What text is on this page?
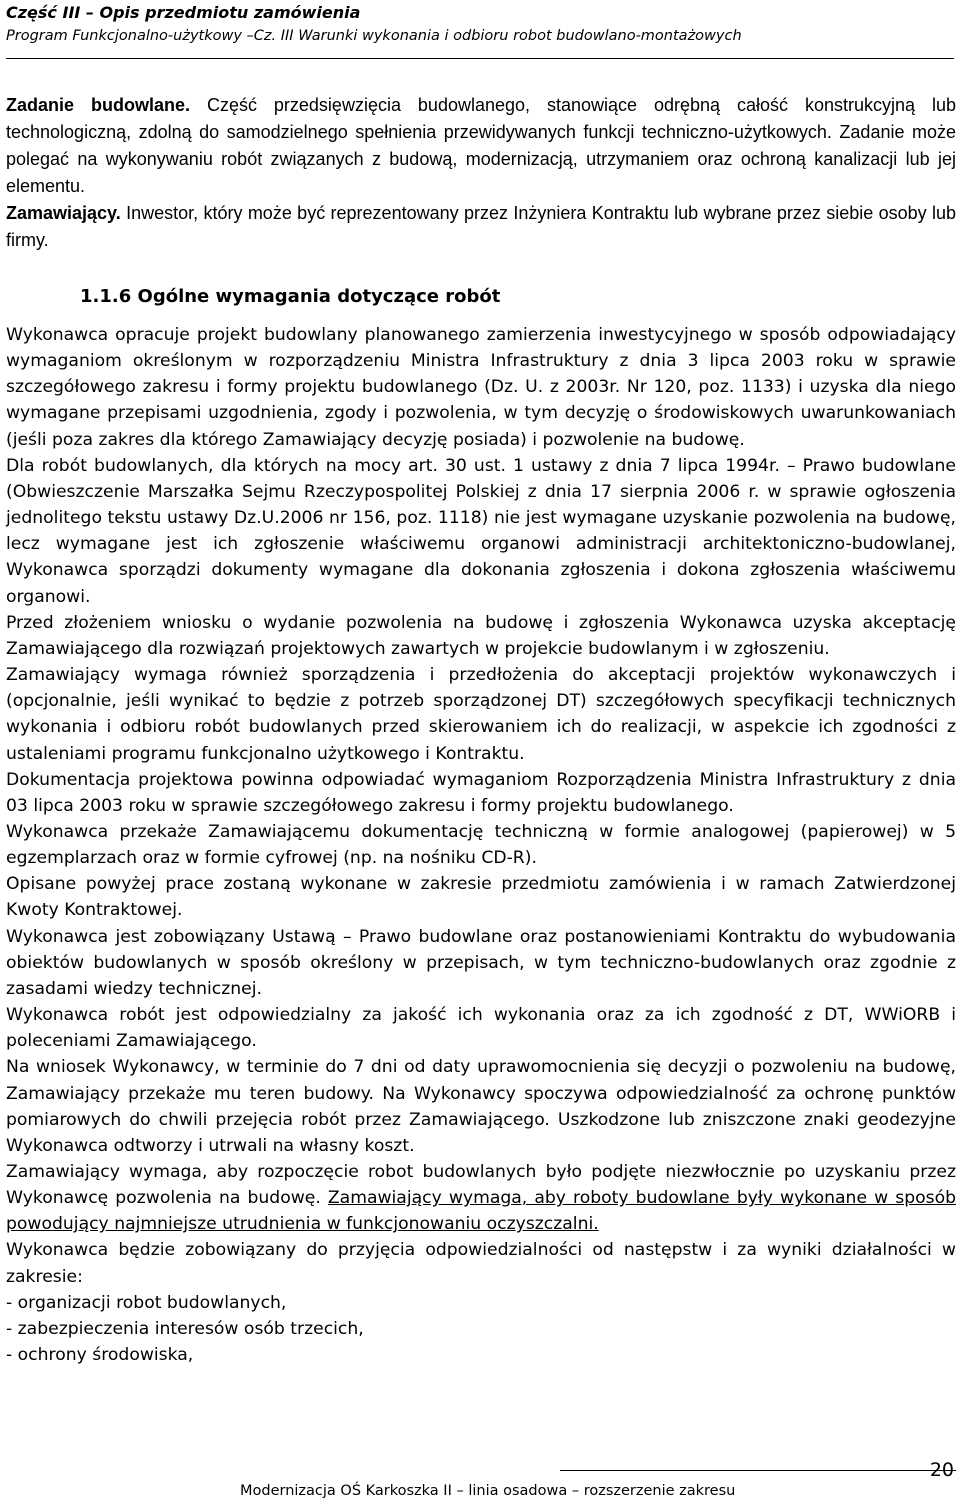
Część III – Opis przedmiotu zamówienia
Program Funkcjonalno-użytkowy –Cz. III Warunki wykonania i odbioru robot budowlano-montażowych

Zadanie budowlane. Część przedsięwzięcia budowlanego, stanowiące odrębną całość konstrukcyjną lub technologiczną, zdolną do samodzielnego spełnienia przewidywanych funkcji techniczno-użytkowych. Zadanie może polegać na wykonywaniu robót związanych z budową, modernizacją, utrzymaniem oraz ochroną kanalizacji lub jej elementu.

Zamawiający. Inwestor, który może być reprezentowany przez Inżyniera Kontraktu lub wybrane przez siebie osoby lub firmy.

1.1.6 Ogólne wymagania dotyczące robót

Wykonawca opracuje projekt budowlany planowanego zamierzenia inwestycyjnego w sposób odpowiadający wymaganiom określonym w rozporządzeniu Ministra Infrastruktury z dnia 3 lipca 2003 roku w sprawie szczegółowego zakresu i formy projektu budowlanego (Dz. U. z 2003r. Nr 120, poz. 1133) i uzyska dla niego wymagane przepisami uzgodnienia, zgody i pozwolenia, w tym decyzję o środowiskowych uwarunkowaniach (jeśli poza zakres dla którego Zamawiający decyzję posiada) i pozwolenie na budowę.

Dla robót budowlanych, dla których na mocy art. 30 ust. 1 ustawy z dnia 7 lipca 1994r. – Prawo budowlane (Obwieszczenie Marszałka Sejmu Rzeczypospolitej Polskiej z dnia 17 sierpnia 2006 r. w sprawie ogłoszenia jednolitego tekstu ustawy Dz.U.2006 nr 156, poz. 1118) nie jest wymagane uzyskanie pozwolenia na budowę, lecz wymagane jest ich zgłoszenie właściwemu organowi administracji architektoniczno-budowlanej, Wykonawca sporządzi dokumenty wymagane dla dokonania zgłoszenia i dokona zgłoszenia właściwemu organowi.

Przed złożeniem wniosku o wydanie pozwolenia na budowę i zgłoszenia Wykonawca uzyska akceptację Zamawiającego dla rozwiązań projektowych zawartych w projekcie budowlanym i w zgłoszeniu.

Zamawiający wymaga również sporządzenia i przedłożenia do akceptacji projektów wykonawczych i (opcjonalnie, jeśli wynikać to będzie z potrzeb sporządzonej DT) szczegółowych specyfikacji technicznych wykonania i odbioru robót budowlanych przed skierowaniem ich do realizacji, w aspekcie ich zgodności z ustaleniami programu funkcjonalno użytkowego i Kontraktu.

Dokumentacja projektowa powinna odpowiadać wymaganiom Rozporządzenia Ministra Infrastruktury z dnia 03 lipca 2003 roku w sprawie szczegółowego zakresu i formy projektu budowlanego.

Wykonawca przekaże Zamawiającemu dokumentację techniczną w formie analogowej (papierowej) w 5 egzemplarzach oraz w formie cyfrowej (np. na nośniku CD-R).

Opisane powyżej prace zostaną wykonane w zakresie przedmiotu zamówienia i w ramach Zatwierdzonej Kwoty Kontraktowej.

Wykonawca jest zobowiązany Ustawą – Prawo budowlane oraz postanowieniami Kontraktu do wybudowania obiektów budowlanych w sposób określony w przepisach, w tym techniczno-budowlanych oraz zgodnie z zasadami wiedzy technicznej.

Wykonawca robót jest odpowiedzialny za jakość ich wykonania oraz za ich zgodność z DT, WWiORB i poleceniami Zamawiającego.

Na wniosek Wykonawcy, w terminie do 7 dni od daty uprawomocnienia się decyzji o pozwoleniu na budowę, Zamawiający przekaże mu teren budowy. Na Wykonawcy spoczywa odpowiedzialność za ochronę punktów pomiarowych do chwili przejęcia robót przez Zamawiającego. Uszkodzone lub zniszczone znaki geodezyjne Wykonawca odtworzy i utrwali na własny koszt.

Zamawiający wymaga, aby rozpoczęcie robot budowlanych było podjęte niezwłocznie po uzyskaniu przez Wykonawcę pozwolenia na budowę. Zamawiający wymaga, aby roboty budowlane były wykonane w sposób powodujący najmniejsze utrudnienia w funkcjonowaniu oczyszczalni.

Wykonawca będzie zobowiązany do przyjęcia odpowiedzialności od następstw i za wyniki działalności w zakresie:

- organizacji robot budowlanych,
- zabezpieczenia interesów osób trzecich,
- ochrony środowiska,
20
Modernizacja OŚ Karkoszka II – linia osadowa – rozszerzenie zakresu
